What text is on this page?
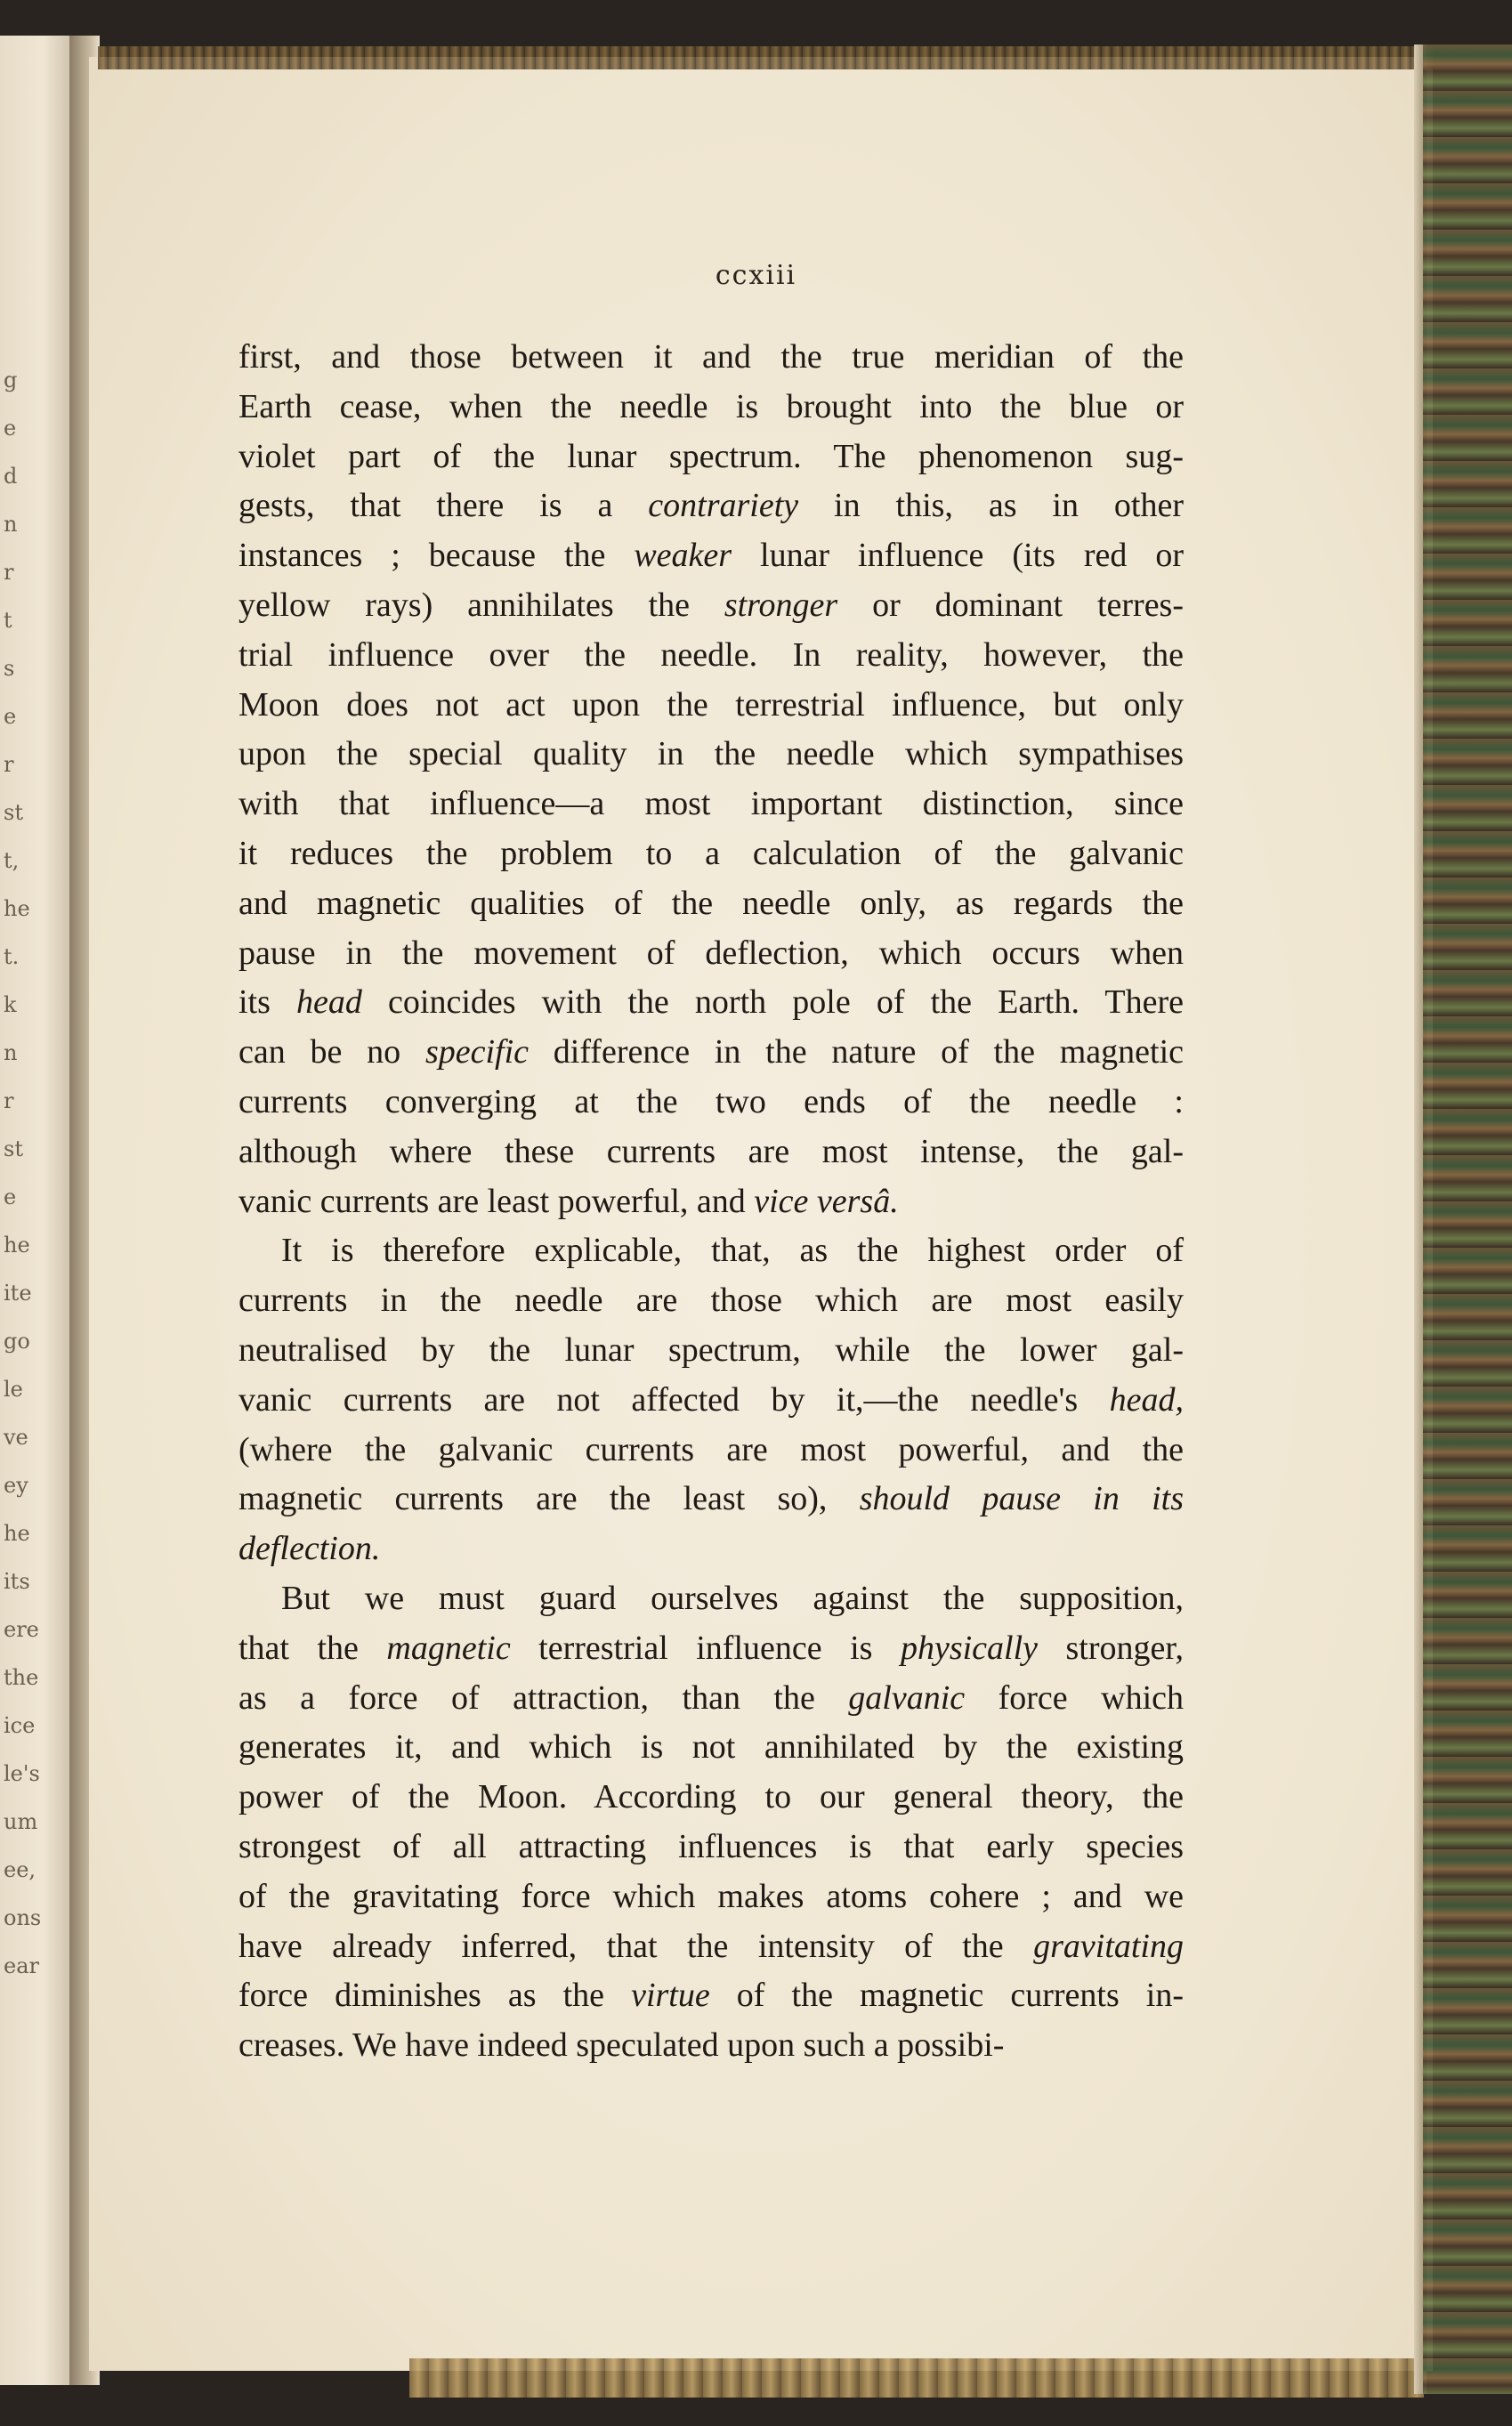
g
e
d
n
r
t
s
e
r
st
t,
he
t.
k
n
r
st
e
he
ite
go
le
ve
ey
he
its
ere
the
ice
le's
um
ee,
ons
ear
ccxiii
first, and those between it and the true meridian of the
Earth cease, when the needle is brought into the blue or
violet part of the lunar spectrum. The phenomenon sug-
gests, that there is a contrariety in this, as in other
instances ; because the weaker lunar influence (its red or
yellow rays) annihilates the stronger or dominant terres-
trial influence over the needle. In reality, however, the
Moon does not act upon the terrestrial influence, but only
upon the special quality in the needle which sympathises
with that influence—a most important distinction, since
it reduces the problem to a calculation of the galvanic
and magnetic qualities of the needle only, as regards the
pause in the movement of deflection, which occurs when
its head coincides with the north pole of the Earth. There
can be no specific difference in the nature of the magnetic
currents converging at the two ends of the needle :
although where these currents are most intense, the gal-
vanic currents are least powerful, and vice versâ.
It is therefore explicable, that, as the highest order of
currents in the needle are those which are most easily
neutralised by the lunar spectrum, while the lower gal-
vanic currents are not affected by it,—the needle's head,
(where the galvanic currents are most powerful, and the
magnetic currents are the least so), should pause in its
deflection.
But we must guard ourselves against the supposition,
that the magnetic terrestrial influence is physically stronger,
as a force of attraction, than the galvanic force which
generates it, and which is not annihilated by the existing
power of the Moon. According to our general theory, the
strongest of all attracting influences is that early species
of the gravitating force which makes atoms cohere ; and we
have already inferred, that the intensity of the gravitating
force diminishes as the virtue of the magnetic currents in-
creases. We have indeed speculated upon such a possibi-
